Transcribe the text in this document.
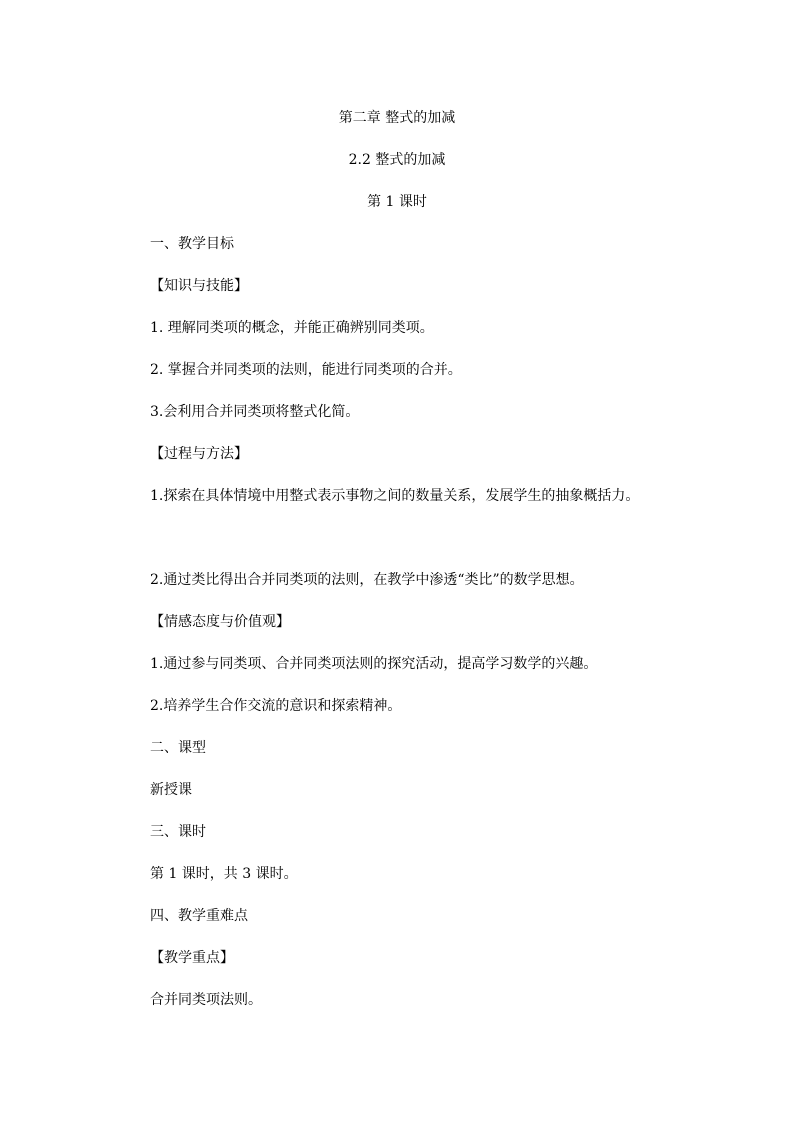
第二章 整式的加减
2.2 整式的加减
第 1 课时
一、教学目标
【知识与技能】
1. 理解同类项的概念，并能正确辨别同类项。
2. 掌握合并同类项的法则，能进行同类项的合并。
3.会利用合并同类项将整式化简。
【过程与方法】
1.探索在具体情境中用整式表示事物之间的数量关系，发展学生的抽象概括力。
2.通过类比得出合并同类项的法则，在教学中渗透“类比”的数学思想。
【情感态度与价值观】
1.通过参与同类项、合并同类项法则的探究活动，提高学习数学的兴趣。
2.培养学生合作交流的意识和探索精神。
二、课型
新授课
三、课时
第 1 课时，共 3 课时。
四、教学重难点
【教学重点】
合并同类项法则。
